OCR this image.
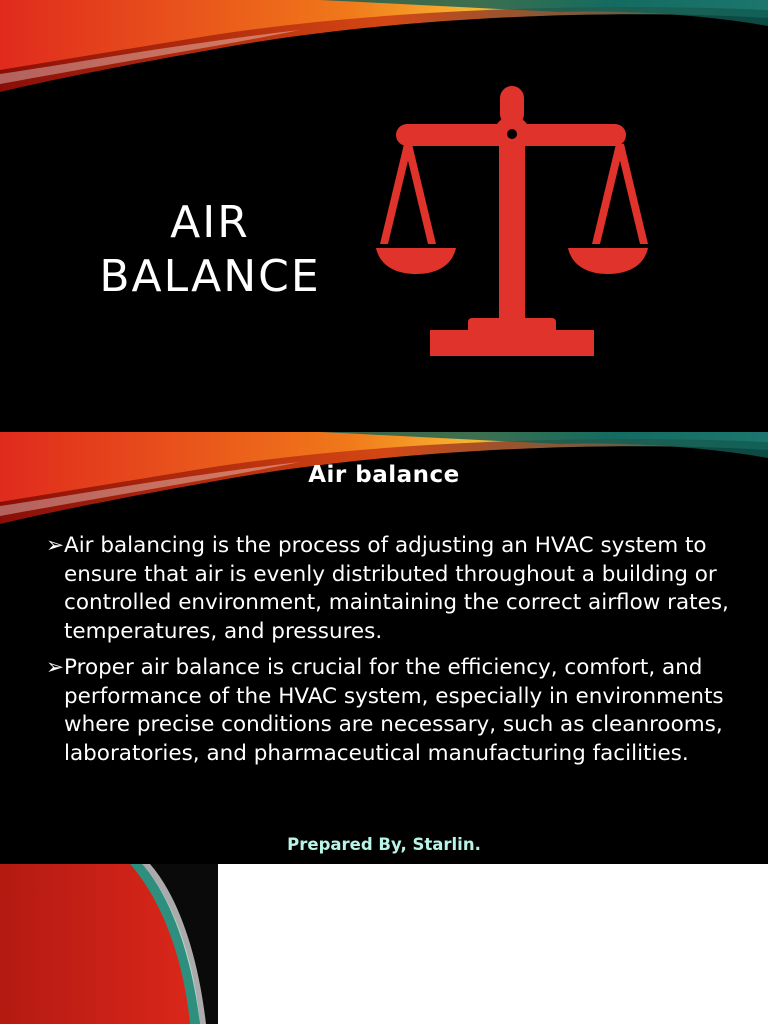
AIR
BALANCE
Air balance
➢ Air balancing is the process of adjusting an HVAC system to ensure that air is evenly distributed throughout a building or controlled environment, maintaining the correct airflow rates, temperatures, and pressures.
➢ Proper air balance is crucial for the efficiency, comfort, and performance of the HVAC system, especially in environments where precise conditions are necessary, such as cleanrooms, laboratories, and pharmaceutical manufacturing facilities.
Prepared By, Starlin.
